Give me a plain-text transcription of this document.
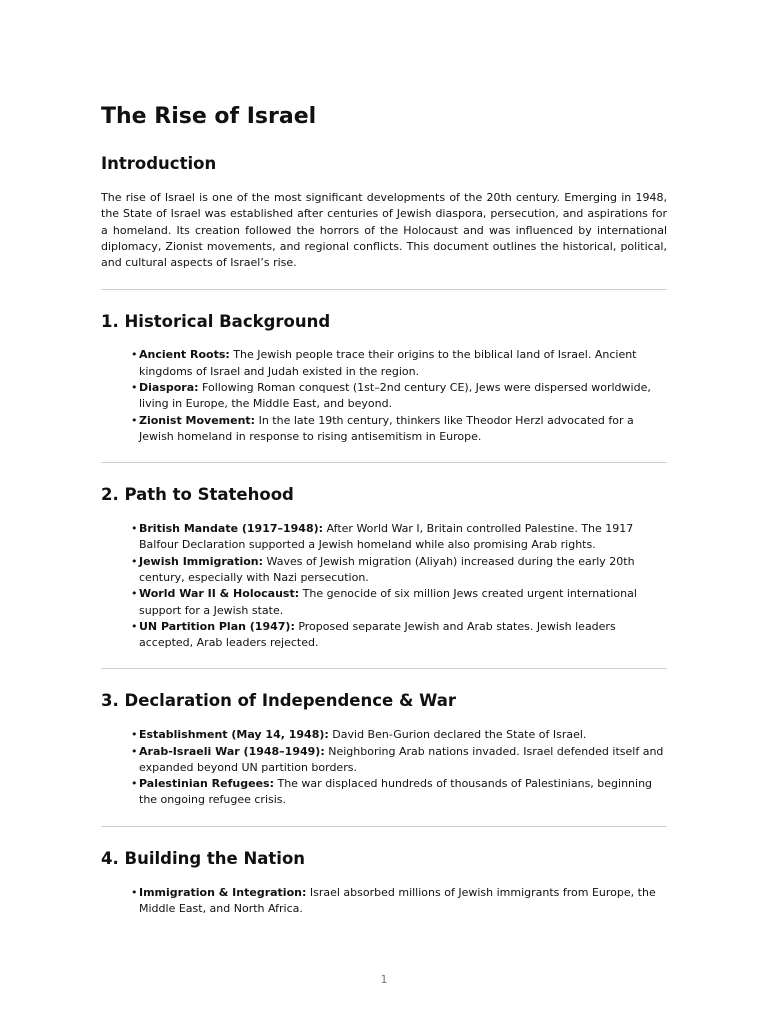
The Rise of Israel
Introduction

The rise of Israel is one of the most significant developments of the 20th century. Emerging in 1948, the State of Israel was established after centuries of Jewish diaspora, persecution, and aspirations for a homeland. Its creation followed the horrors of the Holocaust and was influenced by international diplomacy, Zionist movements, and regional conflicts. This document outlines the historical, political, and cultural aspects of Israel’s rise.

1. Historical Background
• Ancient Roots: The Jewish people trace their origins to the biblical land of Israel. Ancient kingdoms of Israel and Judah existed in the region.
• Diaspora: Following Roman conquest (1st–2nd century CE), Jews were dispersed worldwide, living in Europe, the Middle East, and beyond.
• Zionist Movement: In the late 19th century, thinkers like Theodor Herzl advocated for a Jewish homeland in response to rising antisemitism in Europe.
2. Path to Statehood
• British Mandate (1917–1948): After World War I, Britain controlled Palestine. The 1917 Balfour Declaration supported a Jewish homeland while also promising Arab rights.
• Jewish Immigration: Waves of Jewish migration (Aliyah) increased during the early 20th century, especially with Nazi persecution.
• World War II & Holocaust: The genocide of six million Jews created urgent international support for a Jewish state.
• UN Partition Plan (1947): Proposed separate Jewish and Arab states. Jewish leaders accepted, Arab leaders rejected.
3. Declaration of Independence & War
• Establishment (May 14, 1948): David Ben-Gurion declared the State of Israel.
• Arab-Israeli War (1948–1949): Neighboring Arab nations invaded. Israel defended itself and expanded beyond UN partition borders.
• Palestinian Refugees: The war displaced hundreds of thousands of Palestinians, beginning the ongoing refugee crisis.
4. Building the Nation
• Immigration & Integration: Israel absorbed millions of Jewish immigrants from Europe, the Middle East, and North Africa.
1
